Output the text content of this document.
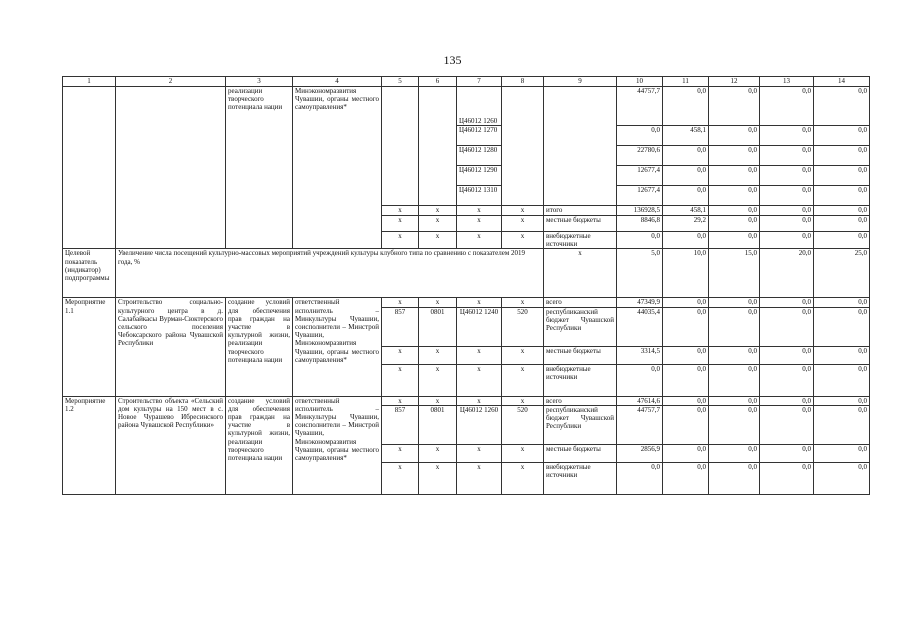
135
1	2	3	4	5	6	7	8	9	10	11	12	13	14
		реализации творческого потенциала нации	Минэкономразвития Чувашии, органы местного самоуправления*			Ц46012 1260			44757,7	0,0	0,0	0,0	0,0
						Ц46012 1270			0,0	458,1	0,0	0,0	0,0
						Ц46012 1280			22780,6	0,0	0,0	0,0	0,0
						Ц46012 1290			12677,4	0,0	0,0	0,0	0,0
						Ц46012 1310			12677,4	0,0	0,0	0,0	0,0
				x	x	x	x	итого	136928,5	458,1	0,0	0,0	0,0
				x	x	x	x	местные бюджеты	8846,8	29,2	0,0	0,0	0,0
				x	x	x	x	внебюджетные источники	0,0	0,0	0,0	0,0	0,0
Целевой показатель (индикатор) подпрограммы	Увеличение числа посещений культурно-массовых мероприятий учреждений культуры клубного типа по сравнению с показателем 2019 года, %							x	5,0	10,0	15,0	20,0	25,0
Мероприятие 1.1	Строительство социально-культурного центра в д. Салабайкасы Вурман-Сюктерского сельского поселения Чебоксарского района Чувашской Республики	создание условий для обеспечения прав граждан на участие в культурной жизни, реализации творческого потенциала нации	ответственный исполнитель – Минкультуры Чувашии, соисполнители – Минстрой Чувашии, Минэкономразвития Чувашии, органы местного самоуправления*	x	x	x	x	всего	47349,9	0,0	0,0	0,0	0,0
				857	0801	Ц46012 1240	520	республиканский бюджет Чувашской Республики	44035,4	0,0	0,0	0,0	0,0
				x	x	x	x	местные бюджеты	3314,5	0,0	0,0	0,0	0,0
				x	x	x	x	внебюджетные источники	0,0	0,0	0,0	0,0	0,0
Мероприятие 1.2	Строительство объекта «Сельский дом культуры на 150 мест в с. Новое Чурашево Ибресинского района Чувашской Республики»	создание условий для обеспечения прав граждан на участие в культурной жизни, реализации творческого потенциала нации	ответственный исполнитель – Минкультуры Чувашии, соисполнители – Минстрой Чувашии, Минэкономразвития Чувашии, органы местного самоуправления*	x	x	x	x	всего	47614,6	0,0	0,0	0,0	0,0
				857	0801	Ц46012 1260	520	республиканский бюджет Чувашской Республики	44757,7	0,0	0,0	0,0	0,0
				x	x	x	x	местные бюджеты	2856,9	0,0	0,0	0,0	0,0
				x	x	x	x	внебюджетные источники	0,0	0,0	0,0	0,0	0,0
